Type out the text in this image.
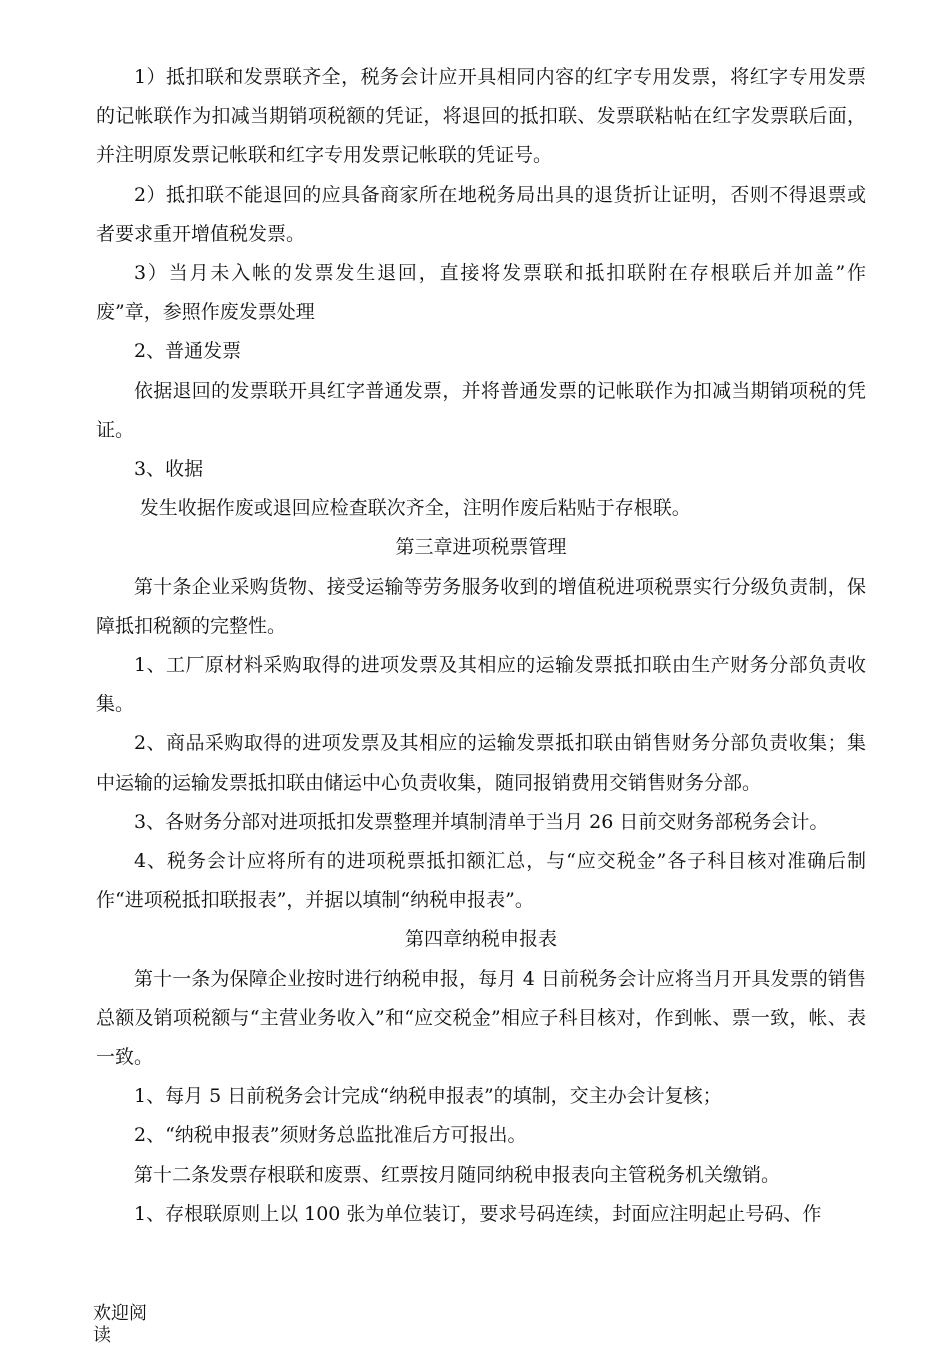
1）抵扣联和发票联齐全，税务会计应开具相同内容的红字专用发票，将红字专用发票的记帐联作为扣减当期销项税额的凭证，将退回的抵扣联、发票联粘帖在红字发票联后面，并注明原发票记帐联和红字专用发票记帐联的凭证号。

2）抵扣联不能退回的应具备商家所在地税务局出具的退货折让证明，否则不得退票或者要求重开增值税发票。

3）当月未入帐的发票发生退回，直接将发票联和抵扣联附在存根联后并加盖”作废”章，参照作废发票处理

2、普通发票

依据退回的发票联开具红字普通发票，并将普通发票的记帐联作为扣减当期销项税的凭证。

3、收据

发生收据作废或退回应检查联次齐全，注明作废后粘贴于存根联。

第三章进项税票管理

第十条企业采购货物、接受运输等劳务服务收到的增值税进项税票实行分级负责制，保障抵扣税额的完整性。

1、工厂原材料采购取得的进项发票及其相应的运输发票抵扣联由生产财务分部负责收集。

2、商品采购取得的进项发票及其相应的运输发票抵扣联由销售财务分部负责收集；集中运输的运输发票抵扣联由储运中心负责收集，随同报销费用交销售财务分部。

3、各财务分部对进项抵扣发票整理并填制清单于当月 26 日前交财务部税务会计。

4、税务会计应将所有的进项税票抵扣额汇总，与“应交税金”各子科目核对准确后制作“进项税抵扣联报表”，并据以填制“纳税申报表”。

第四章纳税申报表

第十一条为保障企业按时进行纳税申报，每月 4 日前税务会计应将当月开具发票的销售总额及销项税额与“主营业务收入”和“应交税金”相应子科目核对，作到帐、票一致，帐、表一致。

1、每月 5 日前税务会计完成“纳税申报表”的填制，交主办会计复核；

2、“纳税申报表”须财务总监批准后方可报出。

第十二条发票存根联和废票、红票按月随同纳税申报表向主管税务机关缴销。

1、存根联原则上以 100 张为单位装订，要求号码连续，封面应注明起止号码、作

欢迎阅读
